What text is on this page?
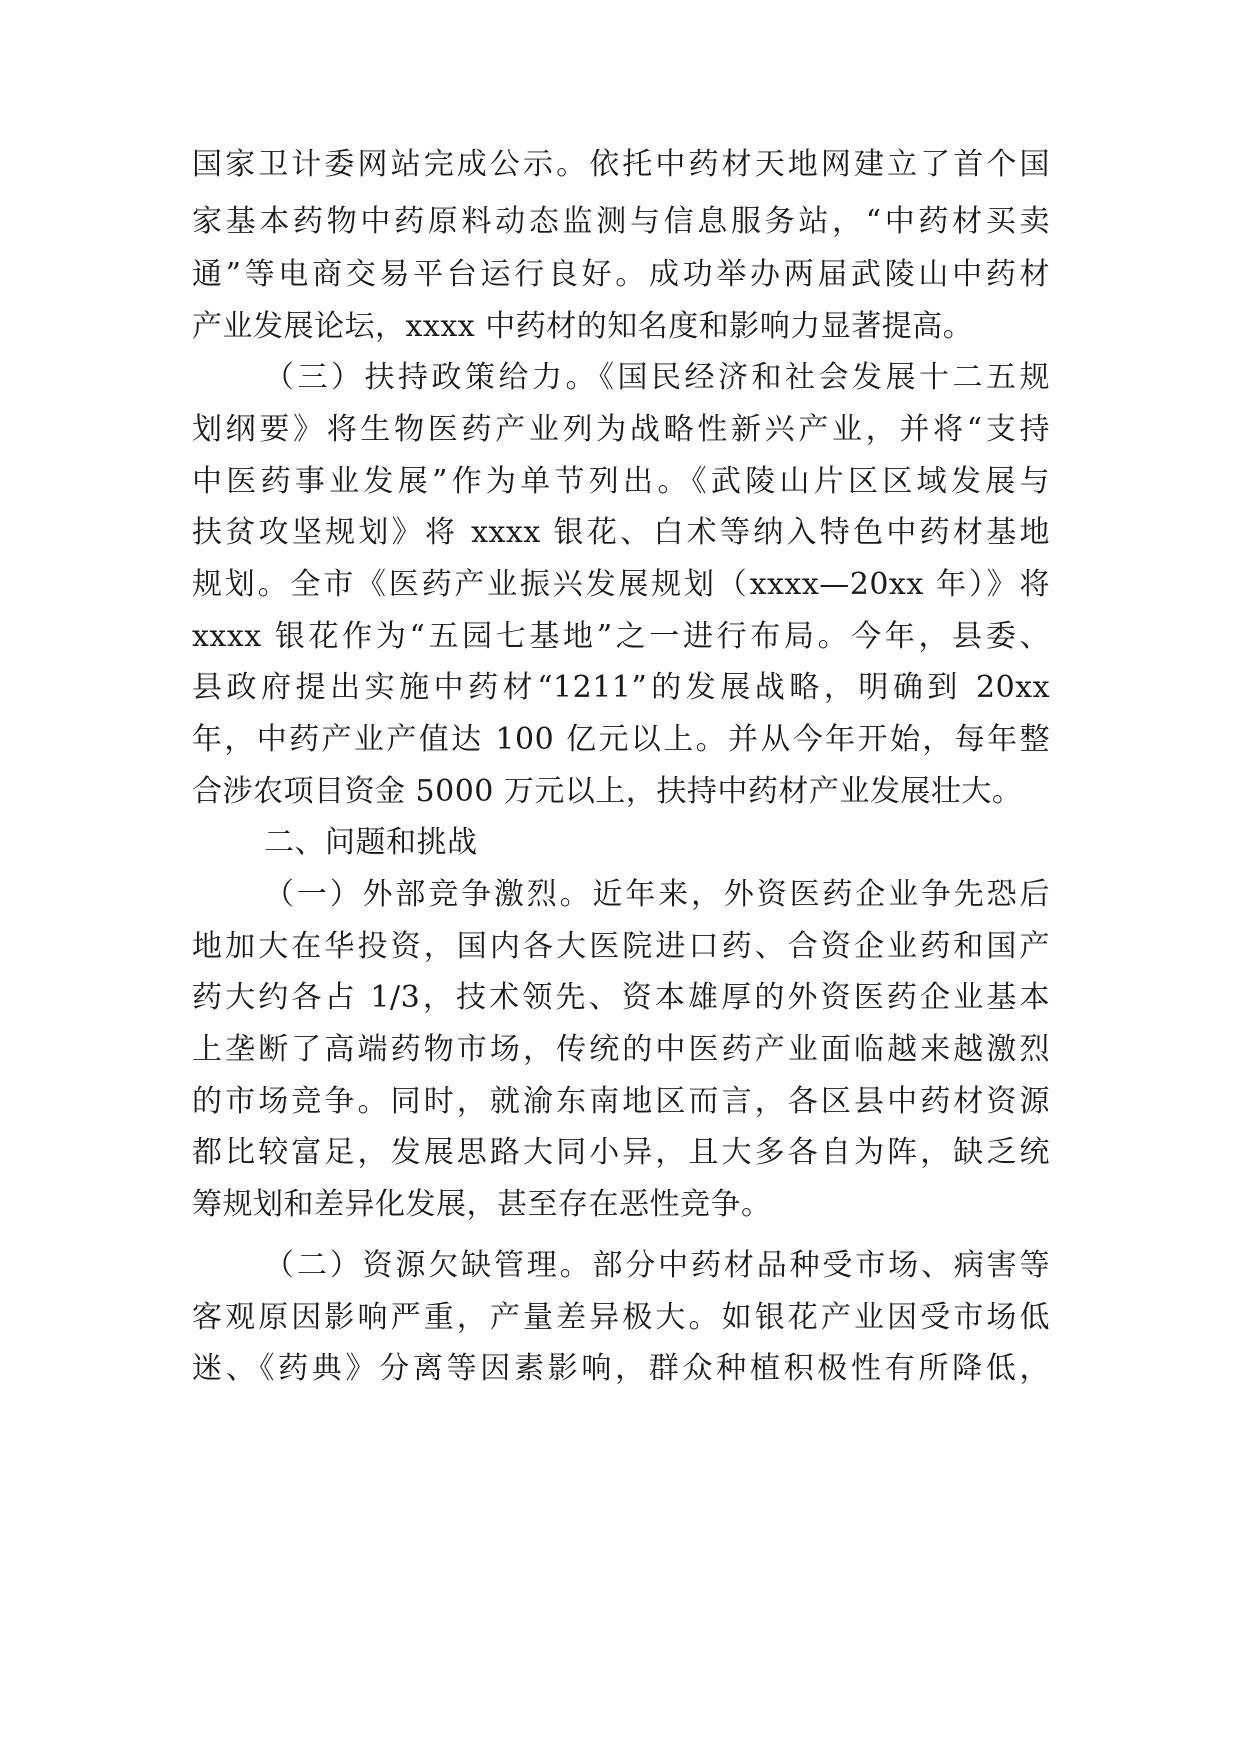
国家卫计委网站完成公示。依托中药材天地网建立了首个国
家基本药物中药原料动态监测与信息服务站，“中药材买卖
通”等电商交易平台运行良好。成功举办两届武陵山中药材
产业发展论坛，xxxx 中药材的知名度和影响力显著提高。
（三）扶持政策给力。《国民经济和社会发展十二五规
划纲要》将生物医药产业列为战略性新兴产业，并将“支持
中医药事业发展”作为单节列出。《武陵山片区区域发展与
扶贫攻坚规划》将 xxxx 银花、白术等纳入特色中药材基地
规划。全市《医药产业振兴发展规划（xxxx—20xx 年）》将
xxxx 银花作为“五园七基地”之一进行布局。今年，县委、
县政府提出实施中药材“1211”的发展战略，明确到 20xx
年，中药产业产值达 100 亿元以上。并从今年开始，每年整
合涉农项目资金 5000 万元以上，扶持中药材产业发展壮大。
二、问题和挑战
（一）外部竞争激烈。近年来，外资医药企业争先恐后
地加大在华投资，国内各大医院进口药、合资企业药和国产
药大约各占 1/3，技术领先、资本雄厚的外资医药企业基本
上垄断了高端药物市场，传统的中医药产业面临越来越激烈
的市场竞争。同时，就渝东南地区而言，各区县中药材资源
都比较富足，发展思路大同小异，且大多各自为阵，缺乏统
筹规划和差异化发展，甚至存在恶性竞争。
（二）资源欠缺管理。部分中药材品种受市场、病害等
客观原因影响严重，产量差异极大。如银花产业因受市场低
迷、《药典》分离等因素影响，群众种植积极性有所降低，
